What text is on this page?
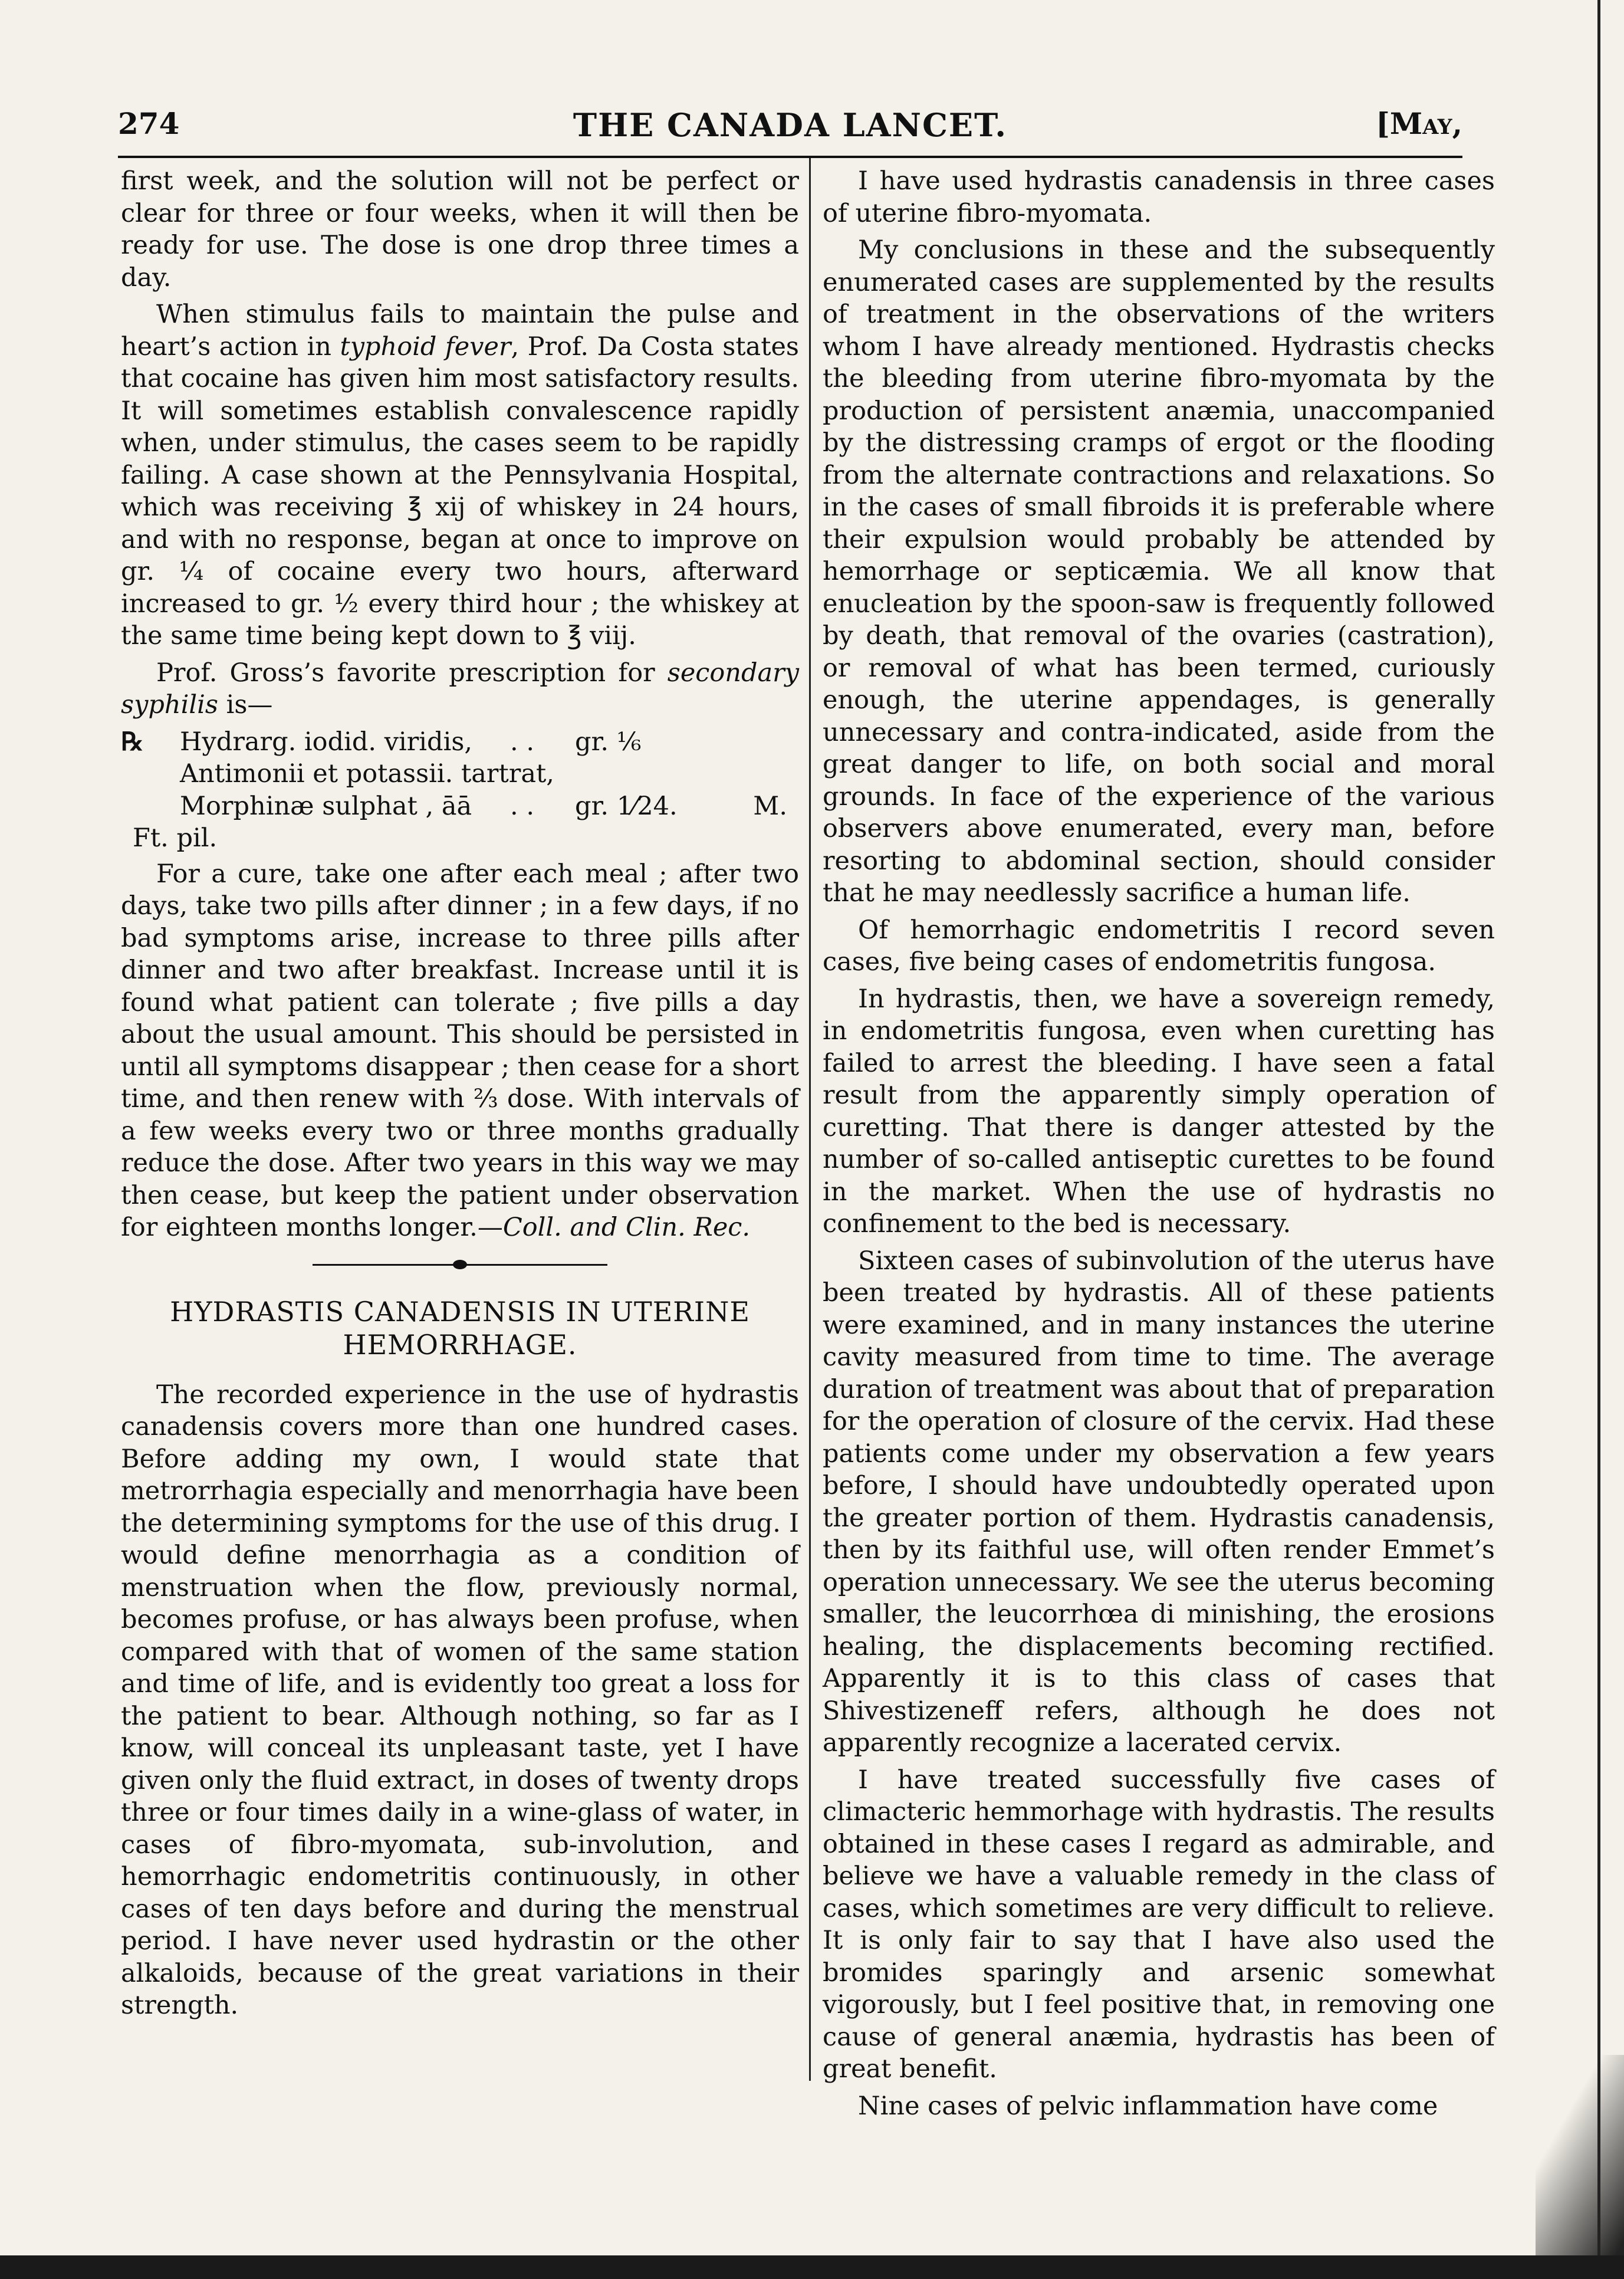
274	THE CANADA LANCET.	[May,

first week, and the solution will not be perfect or clear for three or four weeks, when it will then be ready for use. The dose is one drop three times a day.

When stimulus fails to maintain the pulse and heart’s action in typhoid fever, Prof. Da Costa states that cocaine has given him most satisfactory results. It will sometimes establish convalescence rapidly when, under stimulus, the cases seem to be rapidly failing. A case shown at the Pennsylvania Hospital, which was receiving ℥ xij of whiskey in 24 hours, and with no response, began at once to improve on gr. ¼ of cocaine every two hours, afterward increased to gr. ½ every third hour ; the whiskey at the same time being kept down to ℥ viij.

Prof. Gross’s favorite prescription for secondary syphilis is—

℞	Hydrarg. iodid. viridis,	. .	gr. ⅙
Antimonii et potassii. tartrat,
Morphinæ sulphat , āā	. .	gr. 1⁄24.	M.
Ft. pil.

For a cure, take one after each meal ; after two days, take two pills after dinner ; in a few days, if no bad symptoms arise, increase to three pills after dinner and two after breakfast. Increase until it is found what patient can tolerate ; five pills a day about the usual amount. This should be persisted in until all symptoms disappear ; then cease for a short time, and then renew with ⅔ dose. With intervals of a few weeks every two or three months gradually reduce the dose. After two years in this way we may then cease, but keep the patient under observation for eighteen months longer.—Coll. and Clin. Rec.

HYDRASTIS CANADENSIS IN UTERINE HEMORRHAGE.

The recorded experience in the use of hydrastis canadensis covers more than one hundred cases. Before adding my own, I would state that metrorrhagia especially and menorrhagia have been the determining symptoms for the use of this drug. I would define menorrhagia as a condition of menstruation when the flow, previously normal, becomes profuse, or has always been profuse, when compared with that of women of the same station and time of life, and is evidently too great a loss for the patient to bear. Although nothing, so far as I know, will conceal its unpleasant taste, yet I have given only the fluid extract, in doses of twenty drops three or four times daily in a wine-glass of water, in cases of fibro-myomata, sub-involution, and hemorrhagic endometritis continuously, in other cases of ten days before and during the menstrual period. I have never used hydrastin or the other alkaloids, because of the great variations in their strength.

I have used hydrastis canadensis in three cases of uterine fibro-myomata.

My conclusions in these and the subsequently enumerated cases are supplemented by the results of treatment in the observations of the writers whom I have already mentioned. Hydrastis checks the bleeding from uterine fibro-myomata by the production of persistent anæmia, unaccompanied by the distressing cramps of ergot or the flooding from the alternate contractions and relaxations. So in the cases of small fibroids it is preferable where their expulsion would probably be attended by hemorrhage or septicæmia. We all know that enucleation by the spoon-saw is frequently followed by death, that removal of the ovaries (castration), or removal of what has been termed, curiously enough, the uterine appendages, is generally unnecessary and contra-indicated, aside from the great danger to life, on both social and moral grounds. In face of the experience of the various observers above enumerated, every man, before resorting to abdominal section, should consider that he may needlessly sacrifice a human life.

Of hemorrhagic endometritis I record seven cases, five being cases of endometritis fungosa.

In hydrastis, then, we have a sovereign remedy, in endometritis fungosa, even when curetting has failed to arrest the bleeding. I have seen a fatal result from the apparently simply operation of curetting. That there is danger attested by the number of so-called antiseptic curettes to be found in the market. When the use of hydrastis no confinement to the bed is necessary.

Sixteen cases of subinvolution of the uterus have been treated by hydrastis. All of these patients were examined, and in many instances the uterine cavity measured from time to time. The average duration of treatment was about that of preparation for the operation of closure of the cervix. Had these patients come under my observation a few years before, I should have undoubtedly operated upon the greater portion of them. Hydrastis canadensis, then by its faithful use, will often render Emmet’s operation unnecessary. We see the uterus becoming smaller, the leucorrhœa di minishing, the erosions healing, the displacements becoming rectified. Apparently it is to this class of cases that Shivestizeneff refers, although he does not apparently recognize a lacerated cervix.

I have treated successfully five cases of climacteric hemmorhage with hydrastis. The results obtained in these cases I regard as admirable, and believe we have a valuable remedy in the class of cases, which sometimes are very difficult to relieve. It is only fair to say that I have also used the bromides sparingly and arsenic somewhat vigorously, but I feel positive that, in removing one cause of general anæmia, hydrastis has been of great benefit.

Nine cases of pelvic inflammation have come
